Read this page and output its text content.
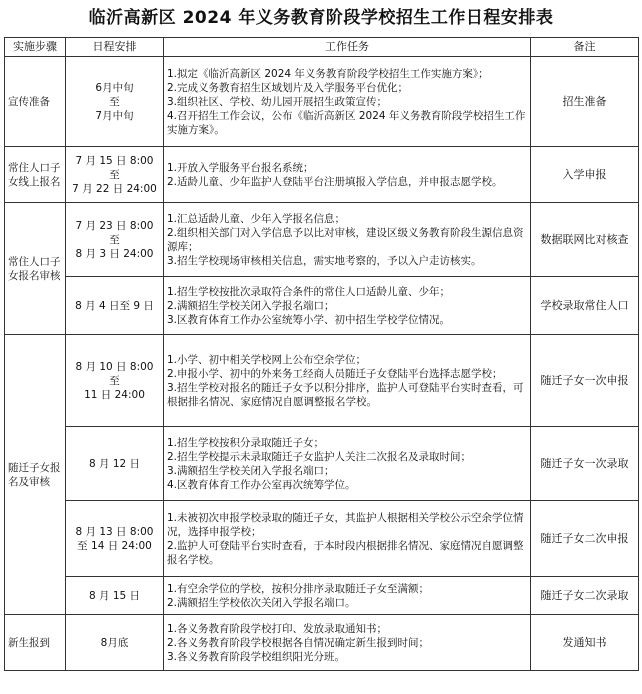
临沂高新区 2024 年义务教育阶段学校招生工作日程安排表
实施步骤	日程安排	工作任务	备注
宣传准备	6月中旬
至
7月中旬	1.拟定《临沂高新区 2024 年义务教育阶段学校招生工作实施方案》；
2.完成义务教育招生区域划片及入学服务平台优化；
3.组织社区、学校、幼儿园开展招生政策宣传；
4.召开招生工作会议，公布《临沂高新区 2024 年义务教育阶段学校招生工作实施方案》。	招生准备
常住人口子女线上报名	7 月 15 日 8:00
至
7 月 22 日 24:00	1.开放入学服务平台报名系统；
2.适龄儿童、少年监护人登陆平台注册填报入学信息，并申报志愿学校。	入学申报
常住人口子女报名审核	7 月 23 日 8:00
至
8 月 3 日 24:00	1.汇总适龄儿童、少年入学报名信息；
2.组织相关部门对入学信息予以比对审核，建设区级义务教育阶段生源信息资源库；
3.招生学校现场审核相关信息，需实地考察的，予以入户走访核实。	数据联网比对核查

	8 月 4 日至 9 日	1.招生学校按批次录取符合条件的常住人口适龄儿童、少年；
2.满额招生学校关闭入学报名端口；
3.区教育体育工作办公室统筹小学、初中招生学校学位情况。	学校录取常住人口
随迁子女报名及审核	8 月 10 日 8:00
至
11 日 24:00	1.小学、初中相关学校网上公布空余学位；
2.申报小学、初中的外来务工经商人员随迁子女登陆平台选择志愿学校；
3.招生学校对报名的随迁子女予以积分排序，监护人可登陆平台实时查看，可根据排名情况、家庭情况自愿调整报名学校。	随迁子女一次申报

	8 月 12 日	1.招生学校按积分录取随迁子女；
2.招生学校提示未录取随迁子女监护人关注二次报名及录取时间；
3.满额招生学校关闭入学报名端口；
4.区教育体育工作办公室再次统筹学位。	随迁子女一次录取

	8 月 13 日 8:00
至 14 日 24:00	1.未被初次申报学校录取的随迁子女，其监护人根据相关学校公示空余学位情况，选择申报学校；
2.监护人可登陆平台实时查看，于本时段内根据排名情况、家庭情况自愿调整报名学校。	随迁子女二次申报

	8 月 15 日	1.有空余学位的学校，按积分排序录取随迁子女至满额；
2.满额招生学校依次关闭入学报名端口。	随迁子女二次录取
新生报到	8月底	1.各义务教育阶段学校打印、发放录取通知书；
2.各义务教育阶段学校根据各自情况确定新生报到时间；
3.各义务教育阶段学校组织阳光分班。	发通知书
